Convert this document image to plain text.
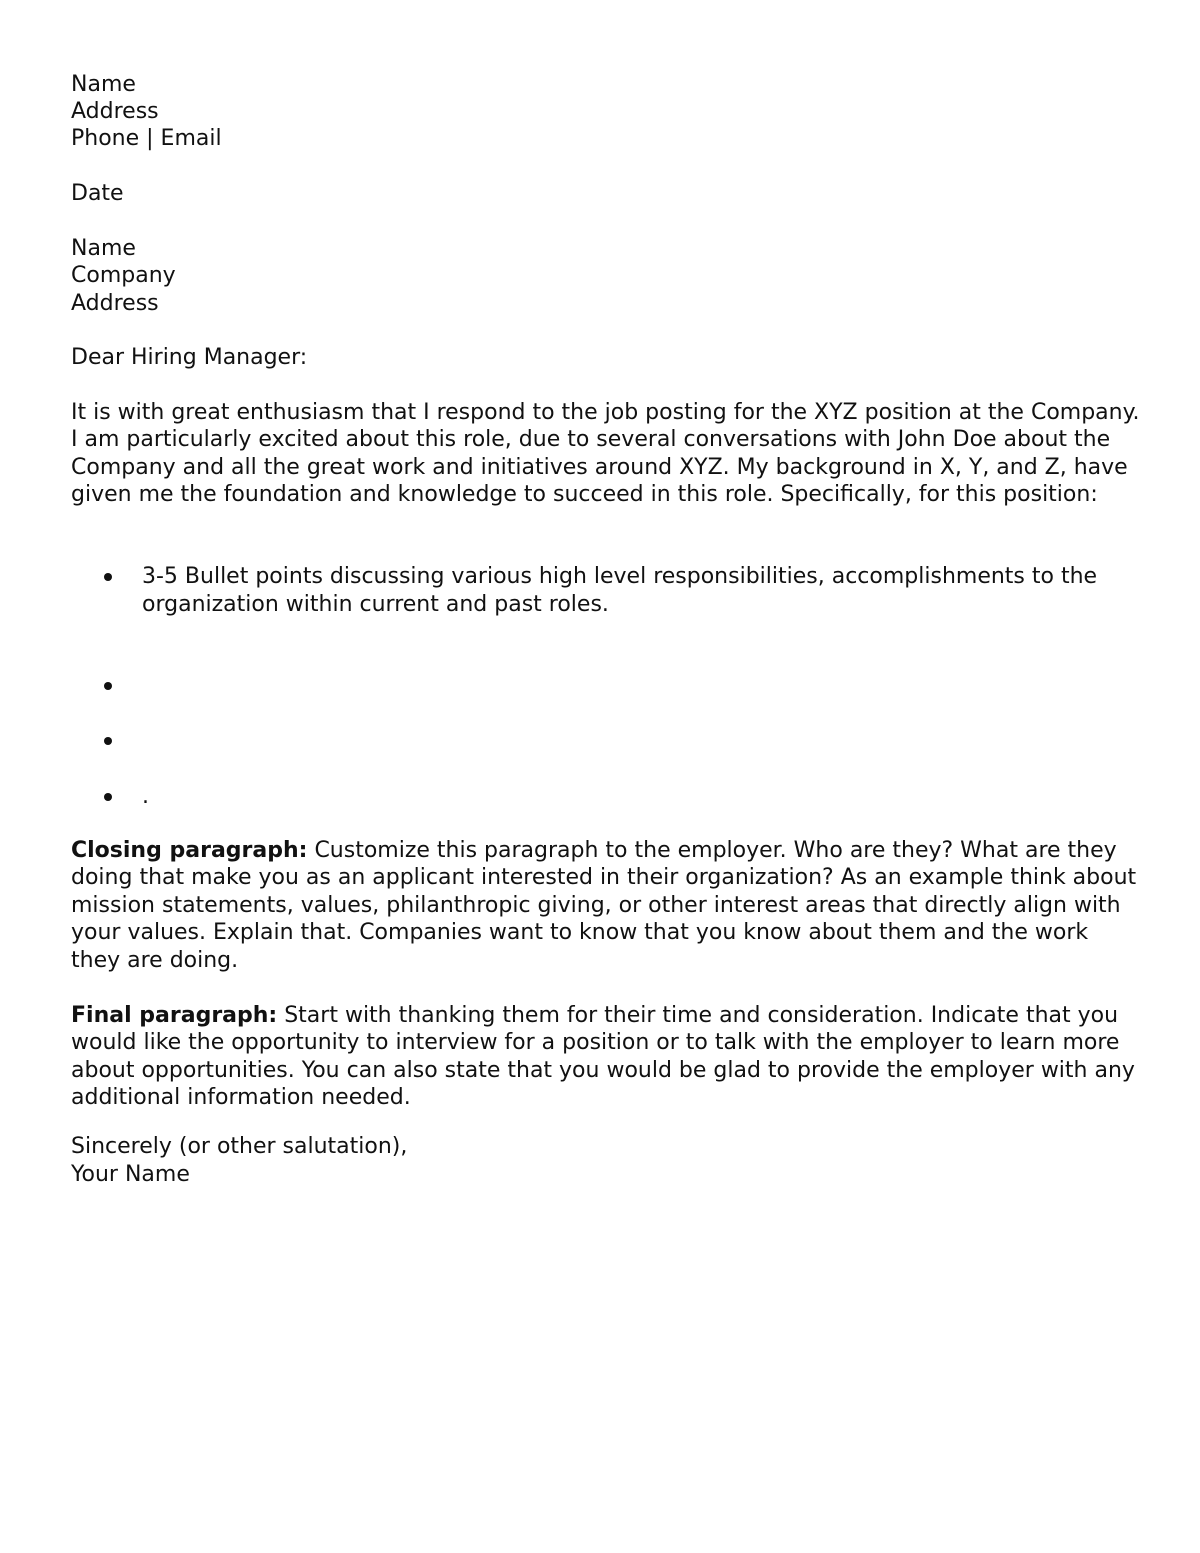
Name

Address

Phone | Email

Date

Name

Company

Address

Dear Hiring Manager:

It is with great enthusiasm that I respond to the job posting for the XYZ position at the Company. I am particularly excited about this role, due to several conversations with John Doe about the Company and all the great work and initiatives around XYZ. My background in X, Y, and Z, have given me the foundation and knowledge to succeed in this role. Specifically, for this position:

3-5 Bullet points discussing various high level responsibilities, accomplishments to the organization within current and past roles.

.

Closing paragraph: Customize this paragraph to the employer. Who are they? What are they doing that make you as an applicant interested in their organization? As an example think about mission statements, values, philanthropic giving, or other interest areas that directly align with your values. Explain that. Companies want to know that you know about them and the work they are doing.

Final paragraph: Start with thanking them for their time and consideration. Indicate that you would like the opportunity to interview for a position or to talk with the employer to learn more about opportunities. You can also state that you would be glad to provide the employer with any additional information needed.

Sincerely (or other salutation),

Your Name
